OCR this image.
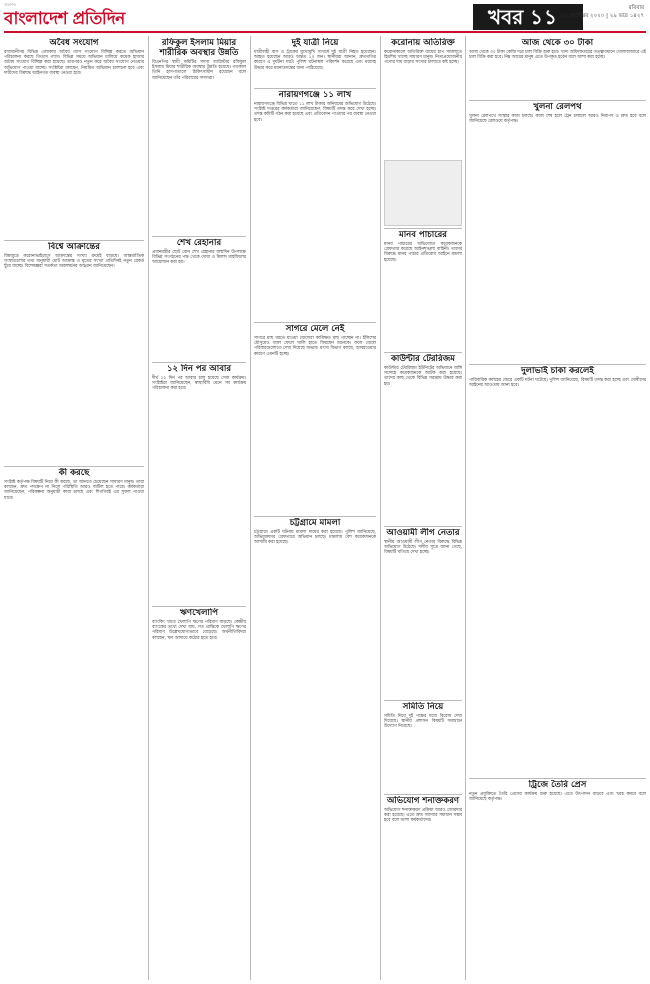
প্রকাশক
বাংলাদেশ প্রতিদিন	খবর ১১	রবিবার
১৩ সেপ্টেম্বর ২০২০ | ২৯ ভাদ্র ১৪২৭
অবৈধ সংযোগ

রাজধানীসহ বিভিন্ন এলাকায় অবৈধ গ্যাস সংযোগ বিচ্ছিন্ন করতে অভিযান পরিচালনা করছে তিতাস গ্যাস। বিভিন্ন সময়ে অভিযান চালিয়ে কয়েক হাজার অবৈধ সংযোগ বিচ্ছিন্ন করা হয়েছে। তারপরও নতুন করে অবৈধ সংযোগ নেওয়ার অভিযোগ পাওয়া যাচ্ছে। সংশ্লিষ্টরা বলছেন, নিয়মিত অভিযান চালানো হবে এবং দায়ীদের বিরুদ্ধে আইনগত ব্যবস্থা নেওয়া হবে।

বিশ্বে আক্রান্তের

বিশ্বজুড়ে করোনাভাইরাসে আক্রান্তের সংখ্যা ক্রমেই বাড়ছে। আন্তর্জাতিক সংস্থাগুলোর তথ্য অনুযায়ী মোট আক্রান্ত ও মৃতের সংখ্যা প্রতিদিনই নতুন রেকর্ড ছুঁয়ে যাচ্ছে। বিশেষজ্ঞরা সতর্কতা অবলম্বনের আহ্বান জানিয়েছেন।

কী করছে

সংশ্লিষ্ট কর্তৃপক্ষ বিষয়টি নিয়ে কী করছে, তা জানতে চেয়েছেন সাধারণ মানুষ। তারা বলছেন, দ্রুত পদক্ষেপ না নিলে পরিস্থিতি আরও জটিল হতে পারে। কর্মকর্তারা জানিয়েছেন, পরিকল্পনা অনুযায়ী কাজ চলছে এবং শিগগিরই এর সুফল পাওয়া যাবে।

রফিকুল ইসলাম মিয়ার শারীরিক অবস্থার উন্নতি

বিএনপির স্থায়ী কমিটির সদস্য ব্যারিস্টার রফিকুল ইসলাম মিয়ার শারীরিক অবস্থার উন্নতি হয়েছে। গতকাল তিনি হাসপাতালে চিকিৎসাধীন রয়েছেন বলে জানিয়েছেন তাঁর পরিবারের সদস্যরা।

শেখ রেহানার

প্রধানমন্ত্রীর ছোট বোন শেখ রেহানার জন্মদিন উপলক্ষে বিভিন্ন সংগঠনের পক্ষ থেকে দোয়া ও মিলাদ মাহফিলের আয়োজন করা হয়।

১২ দিন পর আবার

দীর্ঘ ১২ দিন পর আবার চালু হয়েছে সেবা কার্যক্রম। সংশ্লিষ্টরা জানিয়েছেন, স্বাস্থ্যবিধি মেনে সব কার্যক্রম পরিচালনা করা হবে।

ঋণখেলাপি

ব্যাংকিং খাতে খেলাপি ঋণের পরিমাণ বাড়ছে। কেন্দ্রীয় ব্যাংকের তথ্যে দেখা যায়, গত প্রান্তিকে খেলাপি ঋণের পরিমাণ উল্লেখযোগ্যভাবে বেড়েছে। অর্থনীতিবিদরা বলছেন, ঋণ আদায়ে কঠোর হতে হবে।

দুই যাত্রী নিয়ে

যাত্রীবাহী বাস ও ট্রাকের মুখোমুখি সংঘর্ষে দুই যাত্রী নিহত হয়েছেন। আহত হয়েছেন আরও অন্তত ১০ জন। স্থানীয়রা জানান, দ্রুতগতির কারণে এ দুর্ঘটনা ঘটে। পুলিশ ঘটনাস্থল পরিদর্শন করেছে এবং মরদেহ উদ্ধার করে ময়নাতদন্তের জন্য পাঠিয়েছে।

নারায়ণগঞ্জে ১১ লাখ

নারায়ণগঞ্জে বিভিন্ন খাতে ১১ লাখ টাকার অনিয়মের অভিযোগ উঠেছে। সংশ্লিষ্ট দপ্তরের কর্মকর্তারা জানিয়েছেন, বিষয়টি তদন্ত করে দেখা হচ্ছে। তদন্ত কমিটি গঠন করা হয়েছে এবং প্রতিবেদন পাওয়ার পর ব্যবস্থা নেওয়া হবে।

সাগরে মেলে নেই

সাগরে মাছ ধরতে যাওয়া জেলেরা কাঙ্ক্ষিত মাছ পাচ্ছেন না। ইলিশের মৌসুমেও জাল ফেলে খালি হাতে ফিরছেন অনেকে। ফলে জেলে পরিবারগুলোতে দেখা দিয়েছে অভাব। মৎস্য বিভাগ বলছে, আবহাওয়ার কারণে এমনটি হচ্ছে।

চট্টগ্রামে মামলা

চট্টগ্রামে একটি ঘটনায় মামলা দায়ের করা হয়েছে। পুলিশ জানিয়েছে, অভিযুক্তদের গ্রেফতারে অভিযান চলছে। মামলায় বেশ কয়েকজনকে আসামি করা হয়েছে।

করোনায় অতিরিক্ত

করোনাকালে অতিরিক্ত ব্যয়ের চাপ সামলাতে হিমশিম খাচ্ছে সাধারণ মানুষ। নিত্যপ্রয়োজনীয় পণ্যের দাম বাড়ায় সংসার চালাতে কষ্ট হচ্ছে।

মানব পাচারের

মানব পাচারের অভিযোগে কয়েকজনকে গ্রেফতার করেছে আইনশৃঙ্খলা বাহিনী। তাদের বিরুদ্ধে মানব পাচার প্রতিরোধ আইনে মামলা হয়েছে।

কাউন্টার টেররিজম

কাউন্টার টেররিজম ইউনিটের অভিযানে জঙ্গি সন্দেহে কয়েকজনকে আটক করা হয়েছে। তাদের কাছ থেকে বিভিন্ন সরঞ্জাম উদ্ধার করা হয়।

আওয়ামী লীগ নেতার

স্থানীয় আওয়ামী লীগ নেতার বিরুদ্ধে বিভিন্ন অভিযোগ উঠেছে। দলীয় সূত্রে জানা গেছে, বিষয়টি খতিয়ে দেখা হচ্ছে।

সমিতি নিয়ে

সমিতি নিয়ে দুই পক্ষের মধ্যে বিরোধ দেখা দিয়েছে। স্থানীয় প্রশাসন বিষয়টি সমাধানে উদ্যোগ নিয়েছে।

অভিযোগ শনাক্তকরণ

অভিযোগ শনাক্তকরণ প্রক্রিয়া আরও জোরদার করা হয়েছে। এতে দ্রুত সমস্যার সমাধান সম্ভব হবে বলে আশা কর্মকর্তাদের।

আজ থেকে ৩০ টাকা

আজ থেকে ৩০ টাকা কেজি দরে চাল বিক্রি শুরু হবে। খাদ্য অধিদফতরের তত্ত্বাবধানে খোলাবাজারে এই চাল বিক্রি করা হবে। নিম্ন আয়ের মানুষ এতে উপকৃত হবেন বলে আশা করা হচ্ছে।

খুলনা রেলপথ

খুলনা রেলপথে সংস্কার কাজ চলছে। কাজ শেষ হলে ট্রেন চলাচল আরও নিরাপদ ও দ্রুত হবে বলে জানিয়েছে রেলওয়ে কর্তৃপক্ষ।

দুলাভাই চাকা করলেই

পারিবারিক কলহের জেরে একটি ঘটনা ঘটেছে। পুলিশ জানিয়েছে, বিষয়টি তদন্ত করা হচ্ছে এবং দোষীদের আইনের আওতায় আনা হবে।

ট্রিজে তৈরি প্রেস

নতুন প্রযুক্তিতে তৈরি প্রেসের কার্যক্রম শুরু হয়েছে। এতে উৎপাদন বাড়বে এবং খরচ কমবে বলে জানিয়েছে কর্তৃপক্ষ।
